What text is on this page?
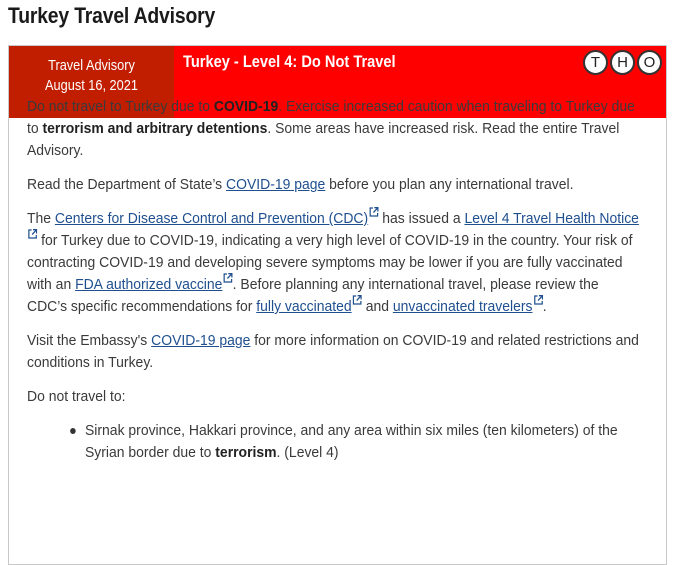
Turkey Travel Advisory
Travel Advisory
August 16, 2021
Turkey - Level 4: Do Not Travel	T	H	O

Do not travel to Turkey due to COVID-19. Exercise increased caution when traveling to Turkey due to terrorism and arbitrary detentions. Some areas have increased risk. Read the entire Travel Advisory.

Read the Department of State’s COVID-19 page before you plan any international travel.

The Centers for Disease Control and Prevention (CDC) has issued a Level 4 Travel Health Notice for Turkey due to COVID-19, indicating a very high level of COVID-19 in the country. Your risk of contracting COVID-19 and developing severe symptoms may be lower if you are fully vaccinated with an FDA authorized vaccine . Before planning any international travel, please review the CDC’s specific recommendations for fully vaccinated and unvaccinated travelers .

Visit the Embassy's COVID-19 page for more information on COVID-19 and related restrictions and conditions in Turkey.

Do not travel to:

Sirnak province, Hakkari province, and any area within six miles (ten kilometers) of the Syrian border due to terrorism. (Level 4)
